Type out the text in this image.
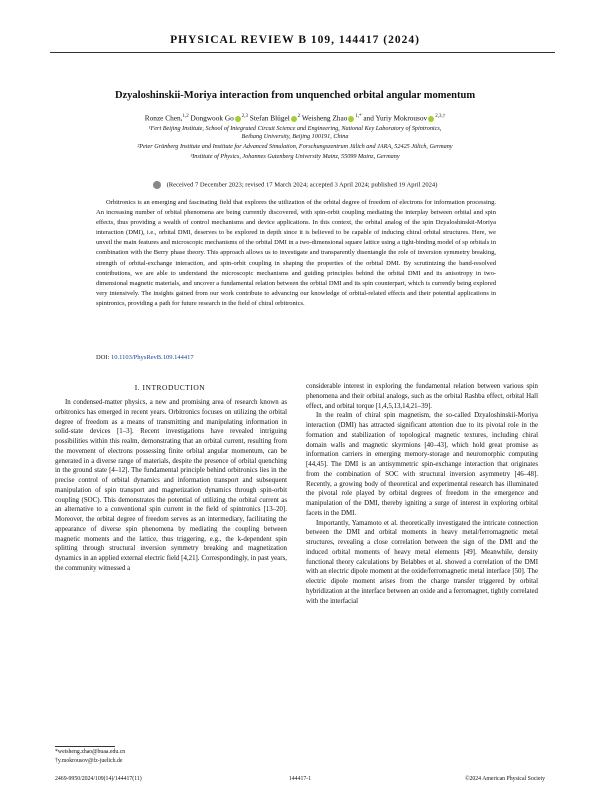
PHYSICAL REVIEW B 109, 144417 (2024)
Dzyaloshinskii-Moriya interaction from unquenched orbital angular momentum
Ronze Chen,$^{1,2}$ Dongwook Go $^{2,3}$ Stefan Blügel $^2$ Weisheng Zhao $^{1,*}$ and Yuriy Mokrousov $^{2,3,\dagger}$
¹Fert Beijing Institute, School of Integrated Circuit Science and Engineering, National Key Laboratory of Spintronics,
Beihang University, Beijing 100191, China
²Peter Grünberg Institute and Institute for Advanced Simulation, Forschungszentrum Jülich and JARA, 52425 Jülich, Germany
³Institute of Physics, Johannes Gutenberg University Mainz, 55099 Mainz, Germany
(Received 7 December 2023; revised 17 March 2024; accepted 3 April 2024; published 19 April 2024)
Orbitronics is an emerging and fascinating field that explores the utilization of the orbital degree of freedom of electrons for information processing. An increasing number of orbital phenomena are being currently discovered, with spin-orbit coupling mediating the interplay between orbital and spin effects, thus providing a wealth of control mechanisms and device applications. In this context, the orbital analog of the spin Dzyaloshinskii-Moriya interaction (DMI), i.e., orbital DMI, deserves to be explored in depth since it is believed to be capable of inducing chiral orbital structures. Here, we unveil the main features and microscopic mechanisms of the orbital DMI in a two-dimensional square lattice using a tight-binding model of sp orbitals in combination with the Berry phase theory. This approach allows us to investigate and transparently disentangle the role of inversion symmetry breaking, strength of orbital-exchange interaction, and spin-orbit coupling in shaping the properties of the orbital DMI. By scrutinizing the band-resolved contributions, we are able to understand the microscopic mechanisms and guiding principles behind the orbital DMI and its anisotropy in two-dimensional magnetic materials, and uncover a fundamental relation between the orbital DMI and its spin counterpart, which is currently being explored very intensively. The insights gained from our work contribute to advancing our knowledge of orbital-related effects and their potential applications in spintronics, providing a path for future research in the field of chiral orbitronics.
DOI: 10.1103/PhysRevB.109.144417
I. INTRODUCTION

In condensed-matter physics, a new and promising area of research known as orbitronics has emerged in recent years. Orbitronics focuses on utilizing the orbital degree of freedom as a means of transmitting and manipulating information in solid-state devices [1–3]. Recent investigations have revealed intriguing possibilities within this realm, demonstrating that an orbital current, resulting from the movement of electrons possessing finite orbital angular momentum, can be generated in a diverse range of materials, despite the presence of orbital quenching in the ground state [4–12]. The fundamental principle behind orbitronics lies in the precise control of orbital dynamics and information transport and subsequent manipulation of spin transport and magnetization dynamics through spin-orbit coupling (SOC). This demonstrates the potential of utilizing the orbital current as an alternative to a conventional spin current in the field of spintronics [13–20]. Moreover, the orbital degree of freedom serves as an intermediary, facilitating the appearance of diverse spin phenomena by mediating the coupling between magnetic moments and the lattice, thus triggering, e.g., the k-dependent spin splitting through structural inversion symmetry breaking and magnetization dynamics in an applied external electric field [4,21]. Correspondingly, in past years, the community witnessed a

considerable interest in exploring the fundamental relation between various spin phenomena and their orbital analogs, such as the orbital Rashba effect, orbital Hall effect, and orbital torque [1,4,5,13,14,21–39].

In the realm of chiral spin magnetism, the so-called Dzyaloshinskii-Moriya interaction (DMI) has attracted significant attention due to its pivotal role in the formation and stabilization of topological magnetic textures, including chiral domain walls and magnetic skyrmions [40–43], which hold great promise as information carriers in emerging memory-storage and neuromorphic computing [44,45]. The DMI is an antisymmetric spin-exchange interaction that originates from the combination of SOC with structural inversion asymmetry [46–48]. Recently, a growing body of theoretical and experimental research has illuminated the pivotal role played by orbital degrees of freedom in the emergence and manipulation of the DMI, thereby igniting a surge of interest in exploring orbital facets in the DMI.

Importantly, Yamamoto et al. theoretically investigated the intricate connection between the DMI and orbital moments in heavy metal/ferromagnetic metal structures, revealing a close correlation between the sign of the DMI and the induced orbital moments of heavy metal elements [49]. Meanwhile, density functional theory calculations by Belabbes et al. showed a correlation of the DMI with an electric dipole moment at the oxide/ferromagnetic metal interface [50]. The electric dipole moment arises from the charge transfer triggered by orbital hybridization at the interface between an oxide and a ferromagnet, tightly correlated with the interfacial

*weisheng.zhao@buaa.edu.cn
†y.mokrousov@fz-juelich.de
2469-9950/2024/109(14)/144417(11)	144417-1	©2024 American Physical Society
